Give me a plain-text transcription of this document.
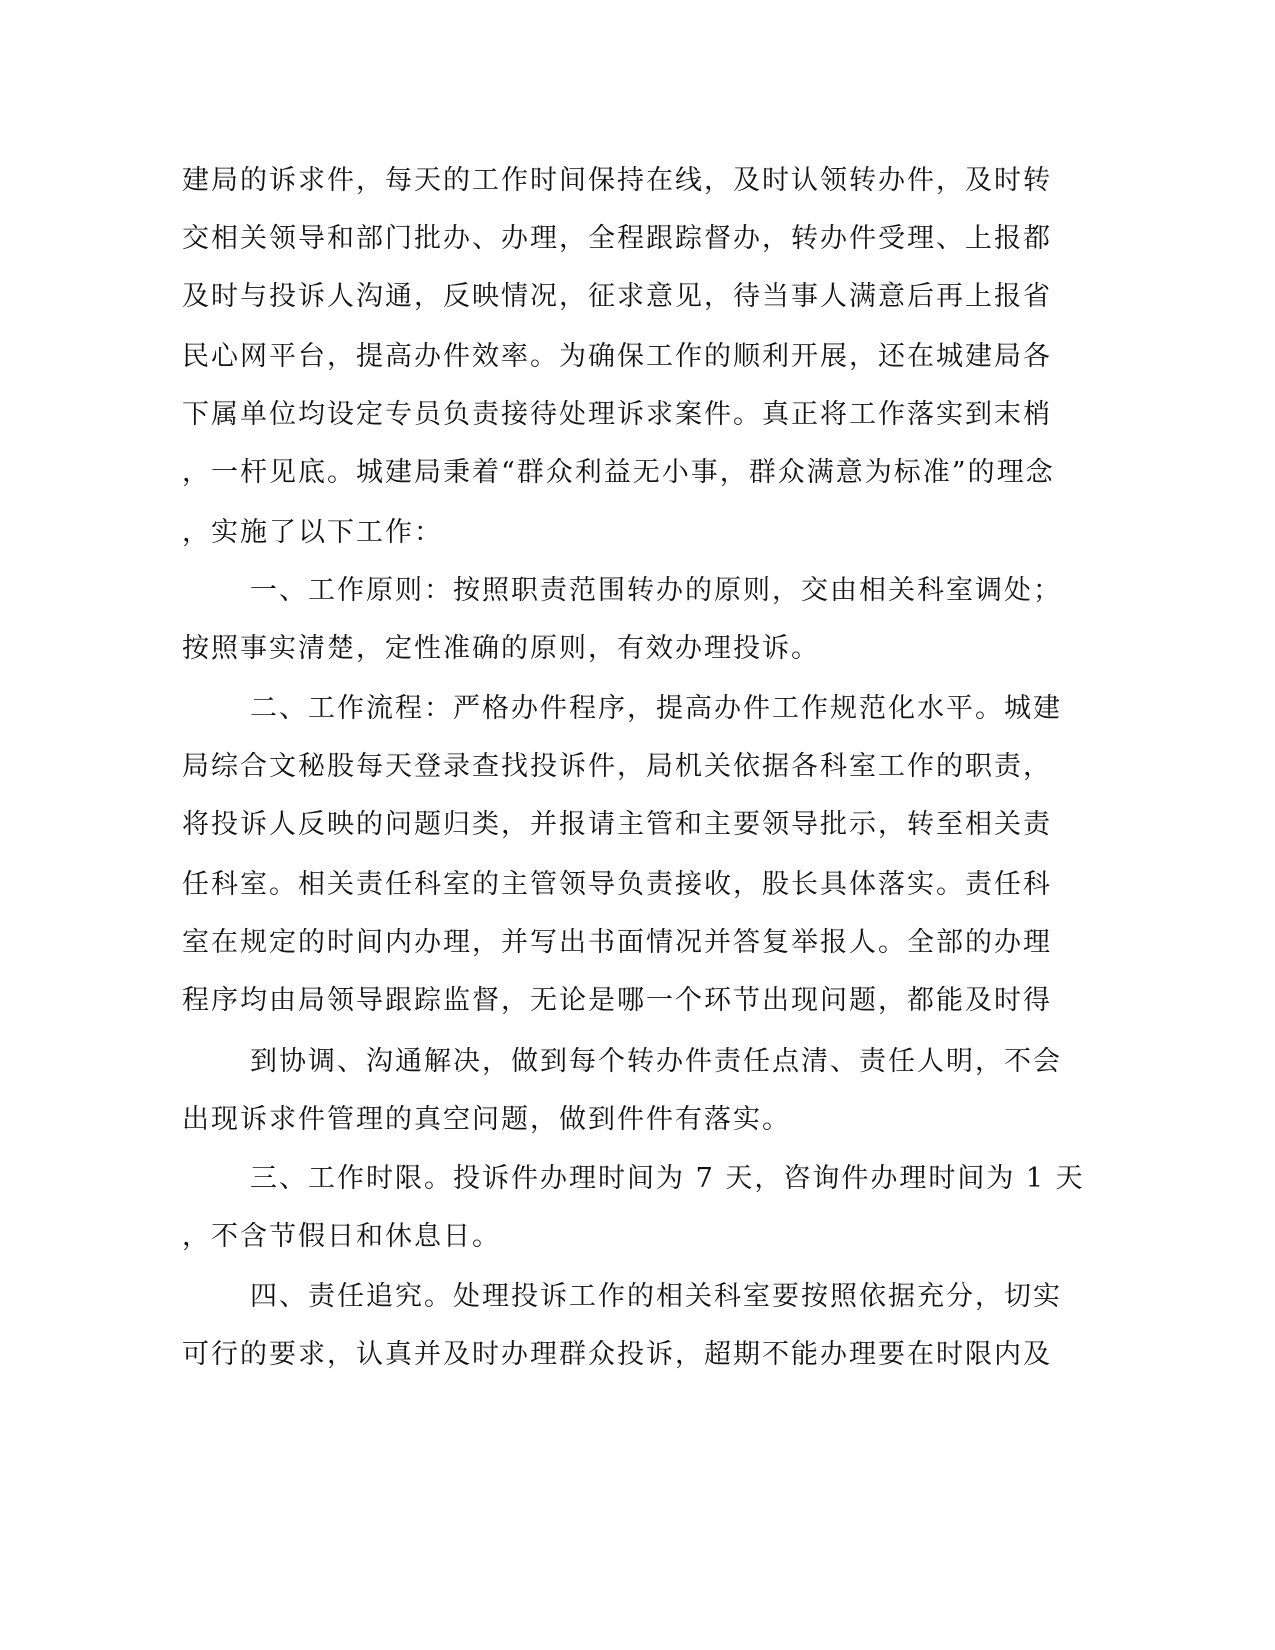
建局的诉求件，每天的工作时间保持在线，及时认领转办件，及时转
交相关领导和部门批办、办理，全程跟踪督办，转办件受理、上报都
及时与投诉人沟通，反映情况，征求意见，待当事人满意后再上报省
民心网平台，提高办件效率。为确保工作的顺利开展，还在城建局各
下属单位均设定专员负责接待处理诉求案件。真正将工作落实到末梢
，一杆见底。城建局秉着“群众利益无小事，群众满意为标准”的理念
，实施了以下工作：
一、工作原则：按照职责范围转办的原则，交由相关科室调处；
按照事实清楚，定性准确的原则，有效办理投诉。
二、工作流程：严格办件程序，提高办件工作规范化水平。城建
局综合文秘股每天登录查找投诉件，局机关依据各科室工作的职责，
将投诉人反映的问题归类，并报请主管和主要领导批示，转至相关责
任科室。相关责任科室的主管领导负责接收，股长具体落实。责任科
室在规定的时间内办理，并写出书面情况并答复举报人。全部的办理
程序均由局领导跟踪监督，无论是哪一个环节出现问题，都能及时得
到协调、沟通解决，做到每个转办件责任点清、责任人明，不会
出现诉求件管理的真空问题，做到件件有落实。
三、工作时限。投诉件办理时间为 7 天，咨询件办理时间为 1 天
，不含节假日和休息日。
四、责任追究。处理投诉工作的相关科室要按照依据充分，切实
可行的要求，认真并及时办理群众投诉，超期不能办理要在时限内及
